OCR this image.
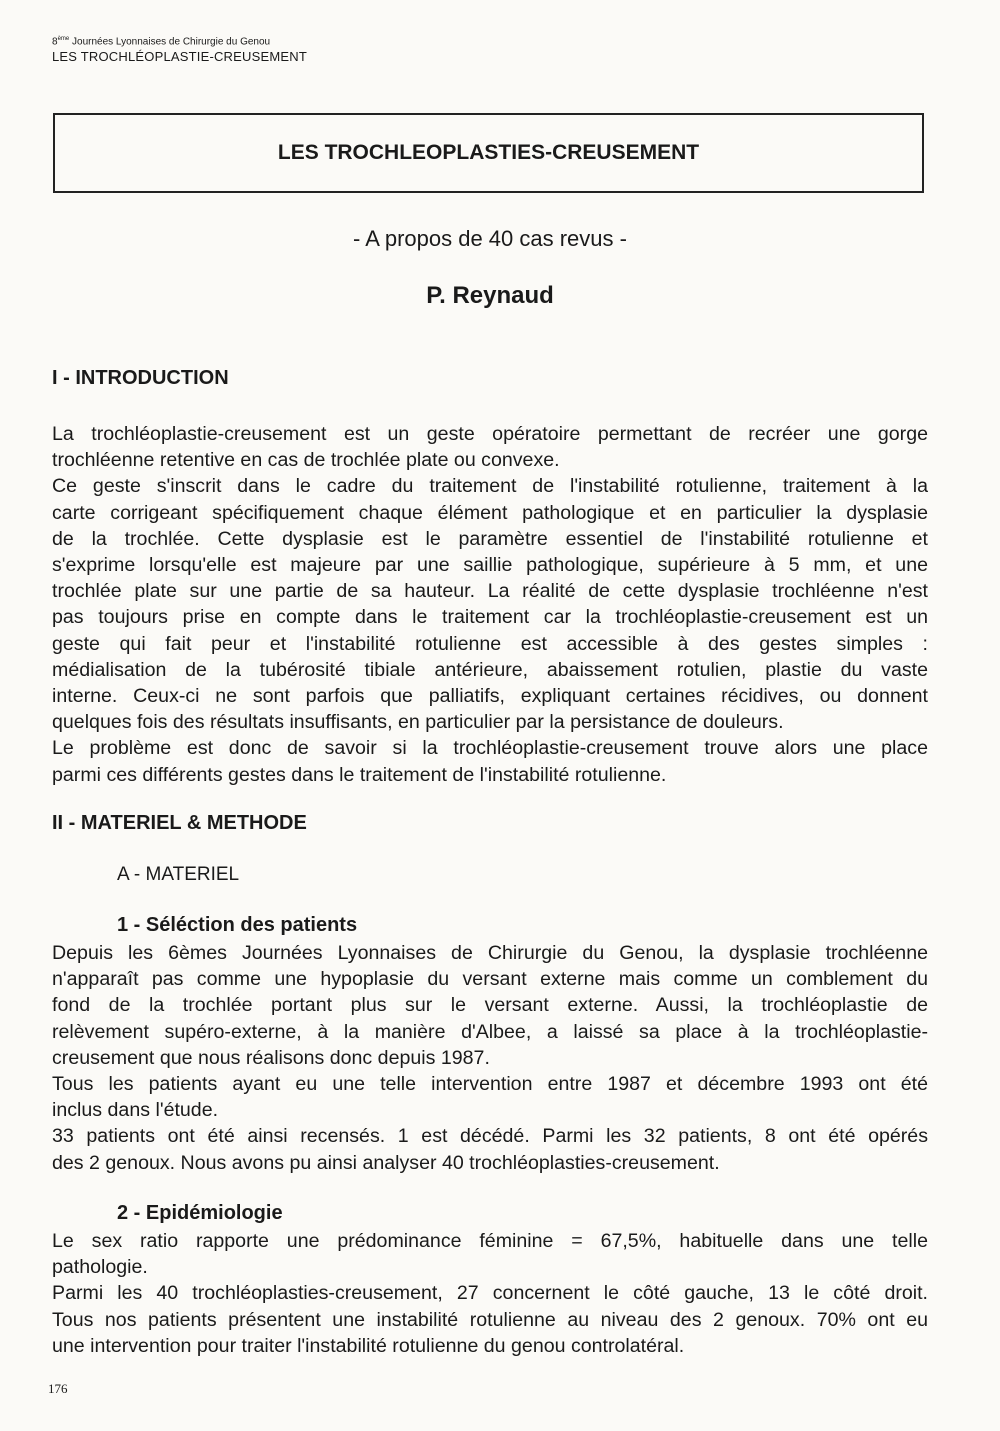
8ème Journées Lyonnaises de Chirurgie du Genou
LES TROCHLÉOPLASTIE-CREUSEMENT
LES TROCHLEOPLASTIES-CREUSEMENT
- A propos de 40 cas revus -
P. Reynaud
I - INTRODUCTION
La trochléoplastie-creusement est un geste opératoire permettant de recréer une gorge
trochléenne retentive en cas de trochlée plate ou convexe.
Ce geste s'inscrit dans le cadre du traitement de l'instabilité rotulienne, traitement à la
carte corrigeant spécifiquement chaque élément pathologique et en particulier la dysplasie
de la trochlée. Cette dysplasie est le paramètre essentiel de l'instabilité rotulienne et
s'exprime lorsqu'elle est majeure par une saillie pathologique, supérieure à 5 mm, et une
trochlée plate sur une partie de sa hauteur. La réalité de cette dysplasie trochléenne n'est
pas toujours prise en compte dans le traitement car la trochléoplastie-creusement est un
geste qui fait peur et l'instabilité rotulienne est accessible à des gestes simples :
médialisation de la tubérosité tibiale antérieure, abaissement rotulien, plastie du vaste
interne. Ceux-ci ne sont parfois que palliatifs, expliquant certaines récidives, ou donnent
quelques fois des résultats insuffisants, en particulier par la persistance de douleurs.
Le problème est donc de savoir si la trochléoplastie-creusement trouve alors une place
parmi ces différents gestes dans le traitement de l'instabilité rotulienne.
II - MATERIEL & METHODE
A - MATERIEL
1 - Séléction des patients
Depuis les 6èmes Journées Lyonnaises de Chirurgie du Genou, la dysplasie trochléenne
n'apparaît pas comme une hypoplasie du versant externe mais comme un comblement du
fond de la trochlée portant plus sur le versant externe. Aussi, la trochléoplastie de
relèvement supéro-externe, à la manière d'Albee, a laissé sa place à la trochléoplastie-
creusement que nous réalisons donc depuis 1987.
Tous les patients ayant eu une telle intervention entre 1987 et décembre 1993 ont été
inclus dans l'étude.
33 patients ont été ainsi recensés. 1 est décédé. Parmi les 32 patients, 8 ont été opérés
des 2 genoux. Nous avons pu ainsi analyser 40 trochléoplasties-creusement.
2 - Epidémiologie
Le sex ratio rapporte une prédominance féminine = 67,5%, habituelle dans une telle
pathologie.
Parmi les 40 trochléoplasties-creusement, 27 concernent le côté gauche, 13 le côté droit.
Tous nos patients présentent une instabilité rotulienne au niveau des 2 genoux. 70% ont eu
une intervention pour traiter l'instabilité rotulienne du genou controlatéral.
176
